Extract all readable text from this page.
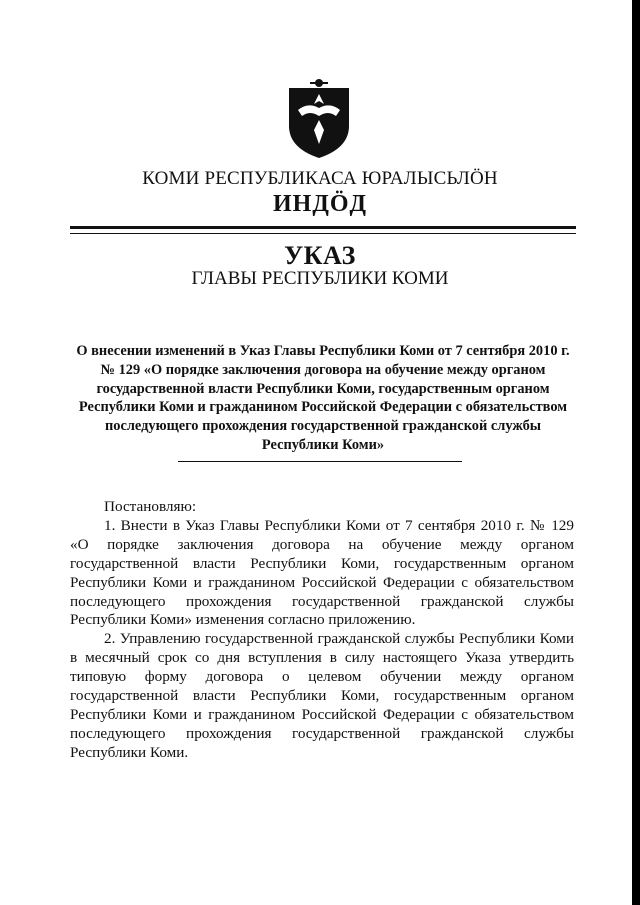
КОМИ РЕСПУБЛИКАСА ЮРАЛЫСЬЛÖН
ИНДÖД
УКАЗ
ГЛАВЫ РЕСПУБЛИКИ КОМИ
О внесении изменений в Указ Главы Республики Коми от 7 сентября 2010 г. № 129 «О порядке заключения договора на обучение между органом государственной власти Республики Коми, государственным органом Республики Коми и гражданином Российской Федерации с обязательством последующего прохождения государственной гражданской службы Республики Коми»

Постановляю:

1. Внести в Указ Главы Республики Коми от 7 сентября 2010 г. № 129 «О порядке заключения договора на обучение между органом государственной власти Республики Коми, государственным органом Республики Коми и гражданином Российской Федерации с обязательством последующего прохождения государственной гражданской службы Республики Коми» изменения согласно приложению.

2. Управлению государственной гражданской службы Республики Коми в месячный срок со дня вступления в силу настоящего Указа утвердить типовую форму договора о целевом обучении между органом государственной власти Республики Коми, государственным органом Республики Коми и гражданином Российской Федерации с обязательством последующего прохождения государственной гражданской службы Республики Коми.
